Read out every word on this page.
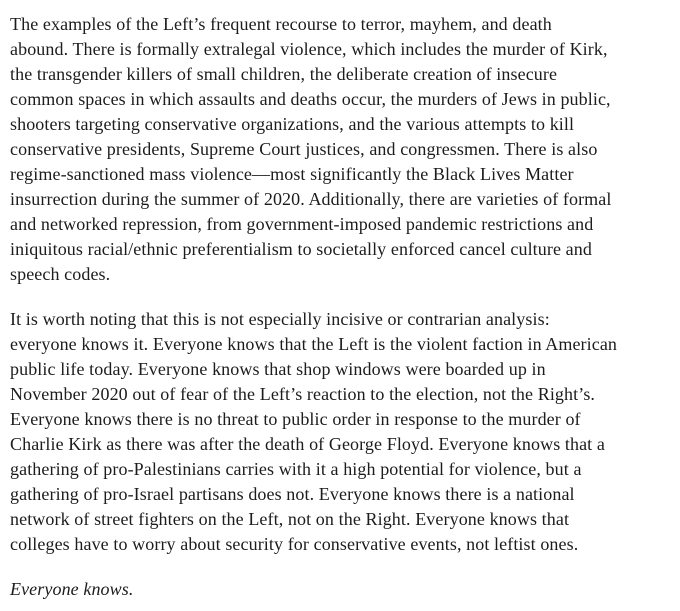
The examples of the Left’s frequent recourse to terror, mayhem, and death
abound. There is formally extralegal violence, which includes the murder of Kirk,
the transgender killers of small children, the deliberate creation of insecure
common spaces in which assaults and deaths occur, the murders of Jews in public,
shooters targeting conservative organizations, and the various attempts to kill
conservative presidents, Supreme Court justices, and congressmen. There is also
regime-sanctioned mass violence—most significantly the Black Lives Matter
insurrection during the summer of 2020. Additionally, there are varieties of formal
and networked repression, from government-imposed pandemic restrictions and
iniquitous racial/ethnic preferentialism to societally enforced cancel culture and
speech codes.
It is worth noting that this is not especially incisive or contrarian analysis:
everyone knows it. Everyone knows that the Left is the violent faction in American
public life today. Everyone knows that shop windows were boarded up in
November 2020 out of fear of the Left’s reaction to the election, not the Right’s.
Everyone knows there is no threat to public order in response to the murder of
Charlie Kirk as there was after the death of George Floyd. Everyone knows that a
gathering of pro-Palestinians carries with it a high potential for violence, but a
gathering of pro-Israel partisans does not. Everyone knows there is a national
network of street fighters on the Left, not on the Right. Everyone knows that
colleges have to worry about security for conservative events, not leftist ones.
Everyone knows.
